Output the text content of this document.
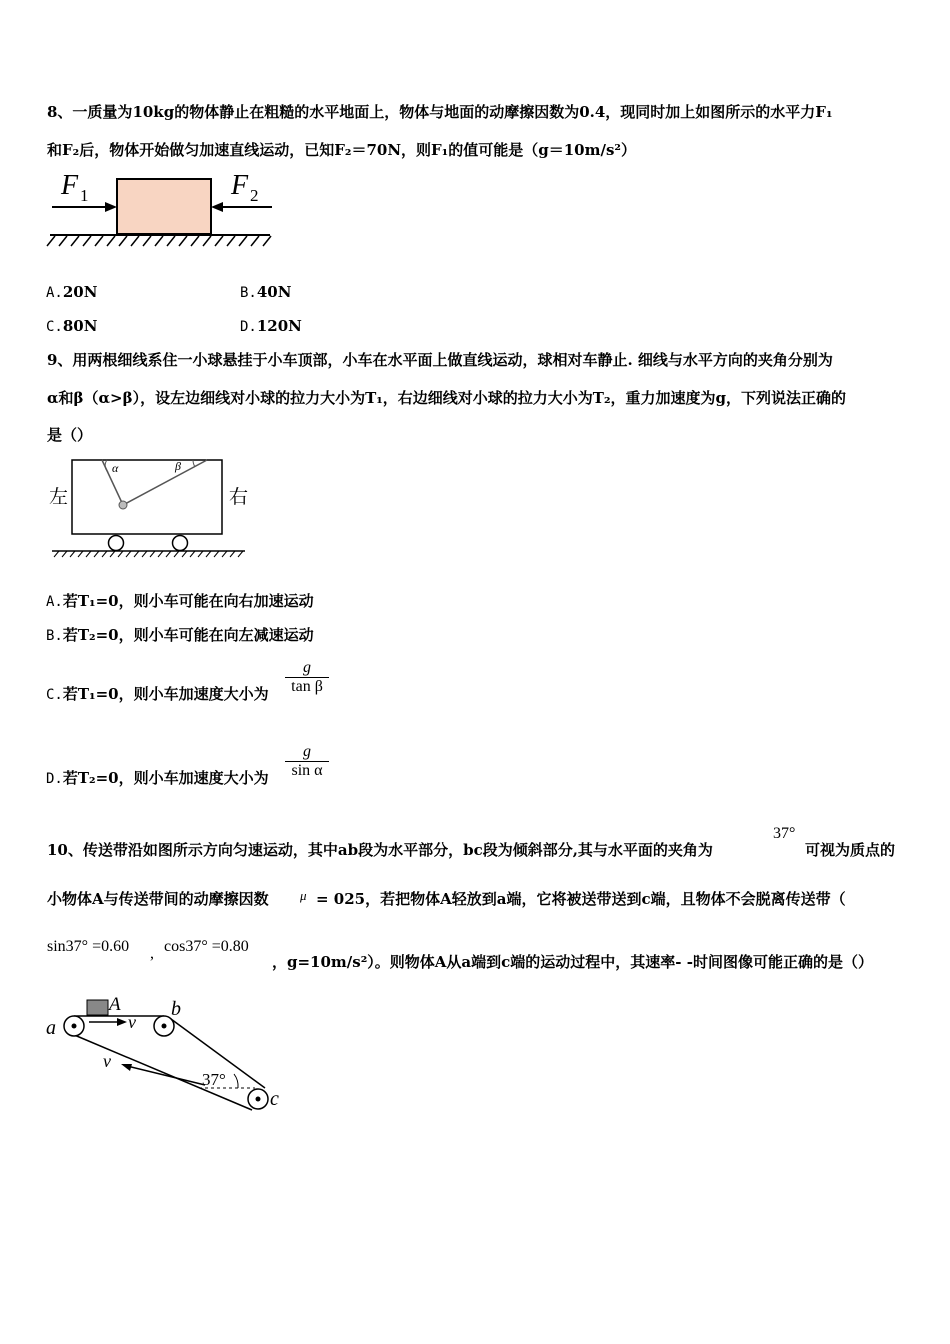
8、一质量为10kg的物体静止在粗糙的水平地面上，物体与地面的动摩擦因数为0.4，现同时加上如图所示的水平力F₁
和F₂后，物体开始做匀加速直线运动，已知F₂＝70N，则F₁的值可能是（g＝10m/s²）
F 1	F 2
A.20N	B.40N
C.80N	D.120N
9、用两根细线系住一小球悬挂于小车顶部，小车在水平面上做直线运动，球相对车静止. 细线与水平方向的夹角分别为
α和β（α>β），设左边细线对小球的拉力大小为T₁，右边细线对小球的拉力大小为T₂，重力加速度为g，下列说法正确的
是（）
α	β
左	右
A.若T₁=0，则小车可能在向右加速运动
B.若T₂=0，则小车可能在向左减速运动
C.若T₁=0，则小车加速度大小为 $\frac{g}{\text{tan β}}$
D.若T₂=0，则小车加速度大小为 $\frac{g}{\text{sin α}}$
10、传送带沿如图所示方向匀速运动，其中ab段为水平部分，bc段为倾斜部分,其与水平面的夹角为
37°
可视为质点的
小物体A与传送带间的动摩擦因数 μ = 025，若把物体A轻放到a端，它将被送带送到c端，且物体不会脱离传送带（
sin37° =0.60 , cos37° =0.80
，g=10m/s²）。则物体A从a端到c端的运动过程中，其速率- -时间图像可能正确的是（）
a
b
c
A
v
v
37°
